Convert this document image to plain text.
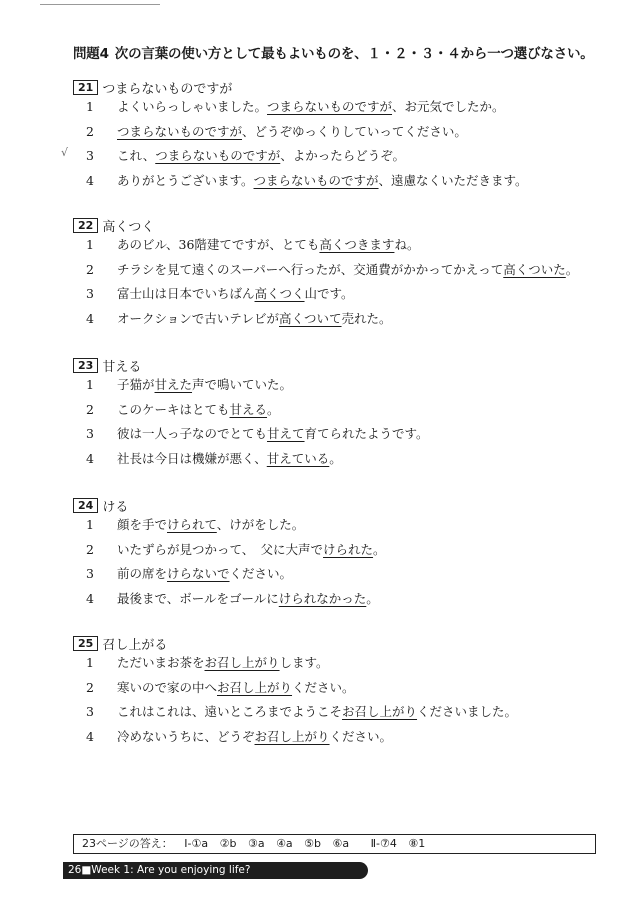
問題4 次の言葉の使い方として最もよいものを、１・２・３・４から一つ選びなさい。
21 つまらないものですが
1	よくいらっしゃいました。つまらないものですが、お元気でしたか。
2	つまらないものですが、どうぞゆっくりしていってください。
√	3	これ、つまらないものですが、よかったらどうぞ。
4	ありがとうございます。つまらないものですが、遠慮なくいただきます。
22 高くつく
1	あのビル、36階建てですが、とても高くつきますね。
2	チラシを見て遠くのスーパーへ行ったが、交通費がかかってかえって高くついた。
3	富士山は日本でいちばん高くつく山です。
4	オークションで古いテレビが高くついて売れた。
23 甘える
1	子猫が甘えた声で鳴いていた。
2	このケーキはとても甘える。
3	彼は一人っ子なのでとても甘えて育てられたようです。
4	社長は今日は機嫌が悪く、甘えている。
24 ける
1	顔を手でけられて、けがをした。
2	いたずらが見つかって、　父に大声でけられた。
3	前の席をけらないでください。
4	最後まで、ボールをゴールにけられなかった。
25 召し上がる
1	ただいまお茶をお召し上がりします。
2	寒いので家の中へお召し上がりください。
3	これはこれは、遠いところまでようこそお召し上がりくださいました。
4	冷めないうちに、どうぞお召し上がりください。
23ページの答え： Ⅰ-①a ②b ③a ④a ⑤b ⑥a Ⅱ-⑦4 ⑧1
26■Week 1: Are you enjoying life?
